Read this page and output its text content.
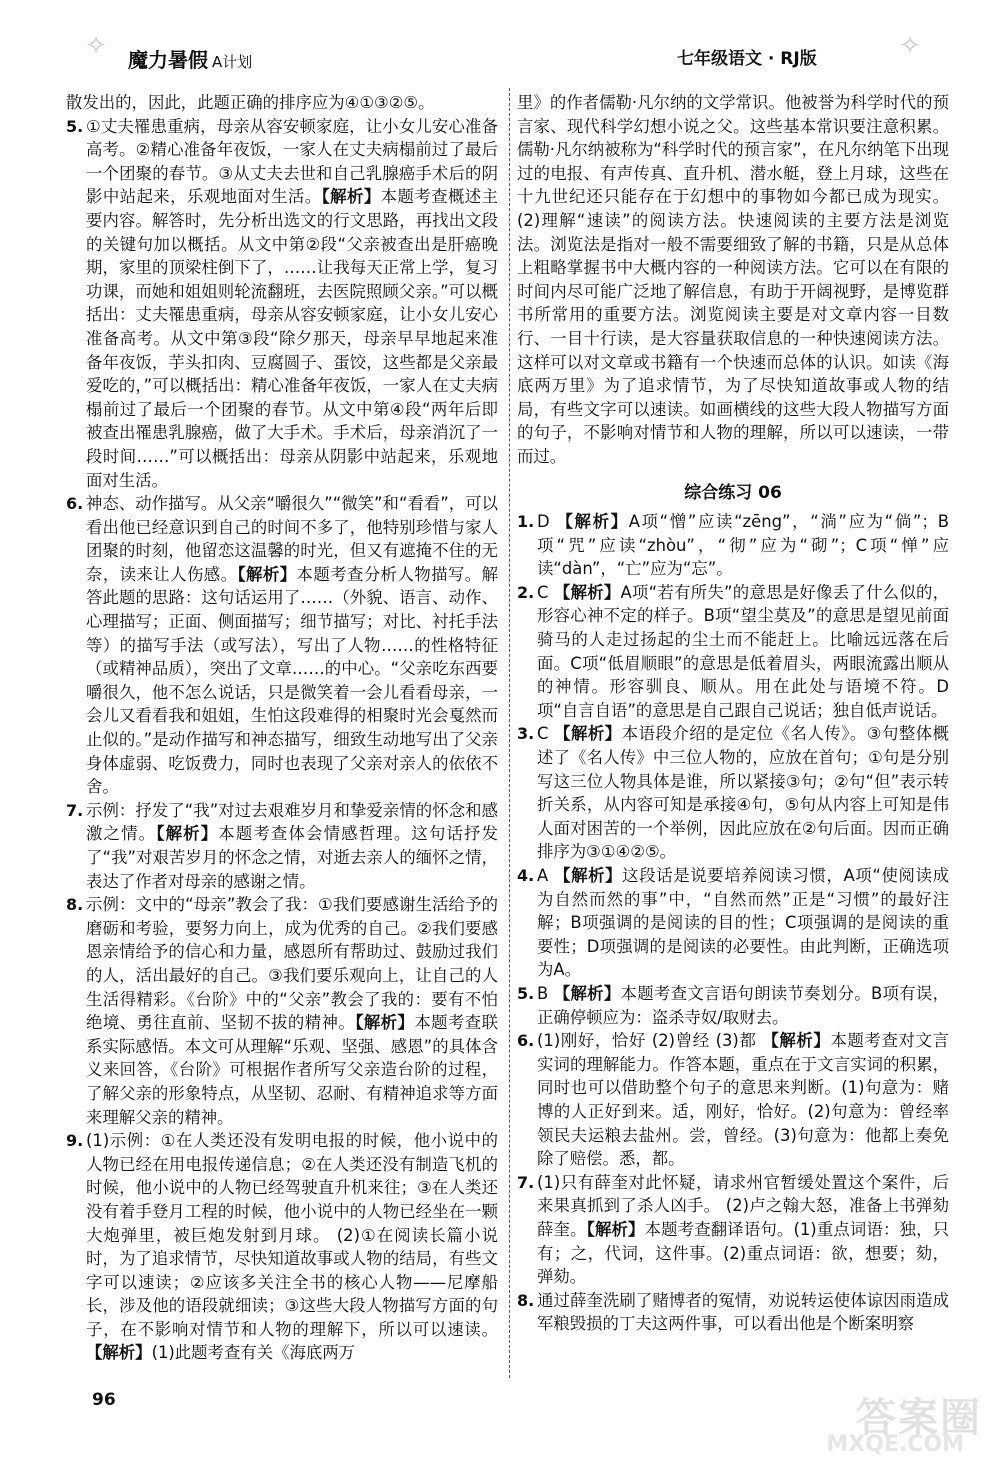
✧	魔力暑假 A计划	七年级语文 · RJ版	✧
散发出的，因此，此题正确的排序应为④①③②⑤。
5. ①丈夫罹患重病，母亲从容安顿家庭，让小女儿安心准备高考。②精心准备年夜饭，一家人在丈夫病榻前过了最后一个团聚的春节。③从丈夫去世和自己乳腺癌手术后的阴影中站起来，乐观地面对生活。【解析】本题考查概述主要内容。解答时，先分析出选文的行文思路，再找出文段的关键句加以概括。从文中第②段“父亲被查出是肝癌晚期，家里的顶梁柱倒下了，……让我每天正常上学，复习功课，而她和姐姐则轮流翻班，去医院照顾父亲。”可以概括出：丈夫罹患重病，母亲从容安顿家庭，让小女儿安心准备高考。从文中第③段“除夕那天，母亲早早地起来准备年夜饭，芋头扣肉、豆腐圆子、蛋饺，这些都是父亲最爱吃的，”可以概括出：精心准备年夜饭，一家人在丈夫病榻前过了最后一个团聚的春节。从文中第④段“两年后即被查出罹患乳腺癌，做了大手术。手术后，母亲消沉了一段时间……”可以概括出：母亲从阴影中站起来，乐观地面对生活。
6. 神态、动作描写。从父亲“嚼很久”“微笑”和“看看”，可以看出他已经意识到自己的时间不多了，他特别珍惜与家人团聚的时刻，他留恋这温馨的时光，但又有遮掩不住的无奈，读来让人伤感。【解析】本题考查分析人物描写。解答此题的思路：这句话运用了……（外貌、语言、动作、心理描写；正面、侧面描写；细节描写；对比、衬托手法等）的描写手法（或写法），写出了人物……的性格特征（或精神品质），突出了文章……的中心。“父亲吃东西要嚼很久，他不怎么说话，只是微笑着一会儿看看母亲，一会儿又看看我和姐姐，生怕这段难得的相聚时光会戛然而止似的。”是动作描写和神态描写，细致生动地写出了父亲身体虚弱、吃饭费力，同时也表现了父亲对亲人的依依不舍。
7. 示例：抒发了“我”对过去艰难岁月和挚爱亲情的怀念和感激之情。【解析】本题考查体会情感哲理。这句话抒发了“我”对艰苦岁月的怀念之情，对逝去亲人的缅怀之情，表达了作者对母亲的感谢之情。
8. 示例：文中的“母亲”教会了我：①我们要感谢生活给予的磨砺和考验，要努力向上，成为优秀的自己。②我们要感恩亲情给予的信心和力量，感恩所有帮助过、鼓励过我们的人，活出最好的自己。③我们要乐观向上，让自己的人生活得精彩。《台阶》中的“父亲”教会了我的：要有不怕绝境、勇往直前、坚韧不拔的精神。【解析】本题考查联系实际感悟。本文可从理解“乐观、坚强、感恩”的具体含义来回答，《台阶》可根据作者所写父亲造台阶的过程，了解父亲的形象特点，从坚韧、忍耐、有精神追求等方面来理解父亲的精神。
9. (1)示例：①在人类还没有发明电报的时候，他小说中的人物已经在用电报传递信息；②在人类还没有制造飞机的时候，他小说中的人物已经驾驶直升机来往；③在人类还没有着手登月工程的时候，他小说中的人物已经坐在一颗大炮弹里，被巨炮发射到月球。 (2)①在阅读长篇小说时，为了追求情节，尽快知道故事或人物的结局，有些文字可以速读；②应该多关注全书的核心人物——尼摩船长，涉及他的语段就细读；③这些大段人物描写方面的句子，在不影响对情节和人物的理解下，所以可以速读。【解析】(1)此题考查有关《海底两万
里》的作者儒勒·凡尔纳的文学常识。他被誉为科学时代的预言家、现代科学幻想小说之父。这些基本常识要注意积累。儒勒·凡尔纳被称为“科学时代的预言家”，在凡尔纳笔下出现过的电报、有声传真、直升机、潜水艇，登上月球，这些在十九世纪还只能存在于幻想中的事物如今都已成为现实。(2)理解“速读”的阅读方法。快速阅读的主要方法是浏览法。浏览法是指对一般不需要细致了解的书籍，只是从总体上粗略掌握书中大概内容的一种阅读方法。它可以在有限的时间内尽可能广泛地了解信息，有助于开阔视野，是博览群书所常用的重要方法。浏览阅读主要是对文章内容一目数行、一目十行读，是大容量获取信息的一种快速阅读方法。这样可以对文章或书籍有一个快速而总体的认识。如读《海底两万里》为了追求情节，为了尽快知道故事或人物的结局，有些文字可以速读。如画横线的这些大段人物描写方面的句子，不影响对情节和人物的理解，所以可以速读，一带而过。
综合练习 06
1. D 【解析】A项“憎”应读“zēng”，“淌”应为“倘”；B项“咒”应读“zhòu”，“彻”应为“砌”；C项“惮”应读“dàn”，“亡”应为“忘”。
2. C 【解析】A项“若有所失”的意思是好像丢了什么似的，形容心神不定的样子。B项“望尘莫及”的意思是望见前面骑马的人走过扬起的尘土而不能赶上。比喻远远落在后面。C项“低眉顺眼”的意思是低着眉头，两眼流露出顺从的神情。形容驯良、顺从。用在此处与语境不符。D项“自言自语”的意思是自己跟自己说话；独自低声说话。
3. C 【解析】本语段介绍的是定位《名人传》。③句整体概述了《名人传》中三位人物的，应放在首句；①句是分别写这三位人物具体是谁，所以紧接③句；②句“但”表示转折关系，从内容可知是承接④句，⑤句从内容上可知是伟人面对困苦的一个举例，因此应放在②句后面。因而正确排序为③①④②⑤。
4. A 【解析】这段话是说要培养阅读习惯，A项“使阅读成为自然而然的事”中，“自然而然”正是“习惯”的最好注解；B项强调的是阅读的目的性；C项强调的是阅读的重要性；D项强调的是阅读的必要性。由此判断，正确选项为A。
5. B 【解析】本题考查文言语句朗读节奏划分。B项有误，正确停顿应为：盗杀寺奴/取财去。
6. (1)刚好，恰好 (2)曾经 (3)都 【解析】本题考查对文言实词的理解能力。作答本题，重点在于文言实词的积累，同时也可以借助整个句子的意思来判断。(1)句意为：赌博的人正好到来。适，刚好，恰好。(2)句意为：曾经率领民夫运粮去盐州。尝，曾经。(3)句意为：他都上奏免除了赔偿。悉，都。
7. (1)只有薛奎对此怀疑，请求州官暂缓处置这个案件，后来果真抓到了杀人凶手。 (2)卢之翰大怒，准备上书弹劾薛奎。【解析】本题考查翻译语句。(1)重点词语：独，只有；之，代词，这件事。(2)重点词语：欲，想要；劾，弹劾。
8. 通过薛奎洗刷了赌博者的冤情，劝说转运使体谅因雨造成军粮毁损的丁夫这两件事，可以看出他是个断案明察
96	答案圈
MXQE.COM
